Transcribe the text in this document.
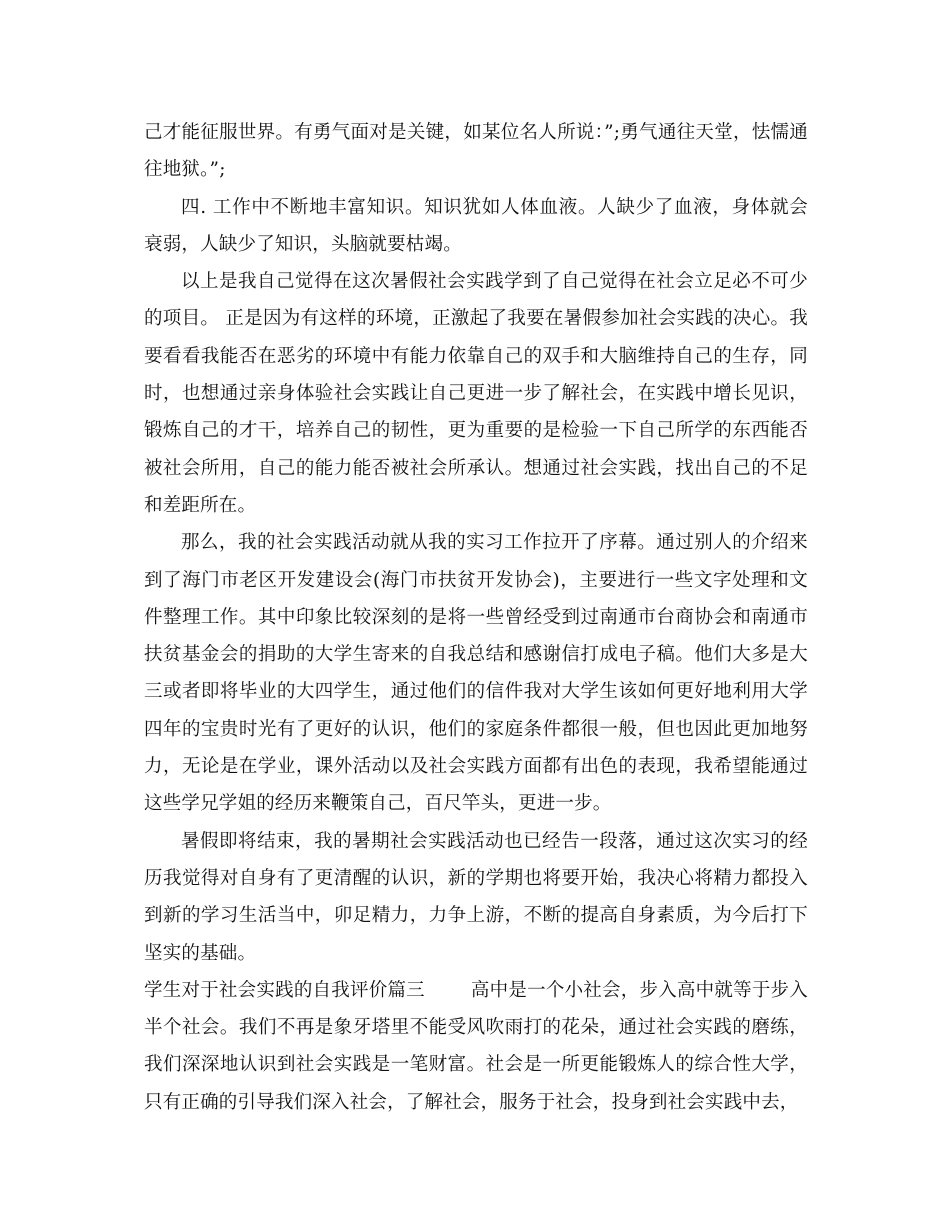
己才能征服世界。有勇气面对是关键，如某位名人所说：”;勇气通往天堂，怯懦通往地狱。”;

四. 工作中不断地丰富知识。知识犹如人体血液。人缺少了血液，身体就会衰弱，人缺少了知识，头脑就要枯竭。

以上是我自己觉得在这次暑假社会实践学到了自己觉得在社会立足必不可少的项目。 正是因为有这样的环境，正激起了我要在暑假参加社会实践的决心。我要看看我能否在恶劣的环境中有能力依靠自己的双手和大脑维持自己的生存，同时，也想通过亲身体验社会实践让自己更进一步了解社会，在实践中增长见识，锻炼自己的才干，培养自己的韧性，更为重要的是检验一下自己所学的东西能否被社会所用，自己的能力能否被社会所承认。想通过社会实践，找出自己的不足和差距所在。

那么，我的社会实践活动就从我的实习工作拉开了序幕。通过别人的介绍来到了海门市老区开发建设会(海门市扶贫开发协会)，主要进行一些文字处理和文件整理工作。其中印象比较深刻的是将一些曾经受到过南通市台商协会和南通市扶贫基金会的捐助的大学生寄来的自我总结和感谢信打成电子稿。他们大多是大三或者即将毕业的大四学生，通过他们的信件我对大学生该如何更好地利用大学四年的宝贵时光有了更好的认识，他们的家庭条件都很一般，但也因此更加地努力，无论是在学业，课外活动以及社会实践方面都有出色的表现，我希望能通过这些学兄学姐的经历来鞭策自己，百尺竿头，更进一步。

暑假即将结束，我的暑期社会实践活动也已经告一段落，通过这次实习的经历我觉得对自身有了更清醒的认识，新的学期也将要开始，我决心将精力都投入到新的学习生活当中，卯足精力，力争上游，不断的提高自身素质，为今后打下坚实的基础。

学生对于社会实践的自我评价篇三 高中是一个小社会，步入高中就等于步入半个社会。我们不再是象牙塔里不能受风吹雨打的花朵，通过社会实践的磨练，我们深深地认识到社会实践是一笔财富。社会是一所更能锻炼人的综合性大学，只有正确的引导我们深入社会，了解社会，服务于社会，投身到社会实践中去，
